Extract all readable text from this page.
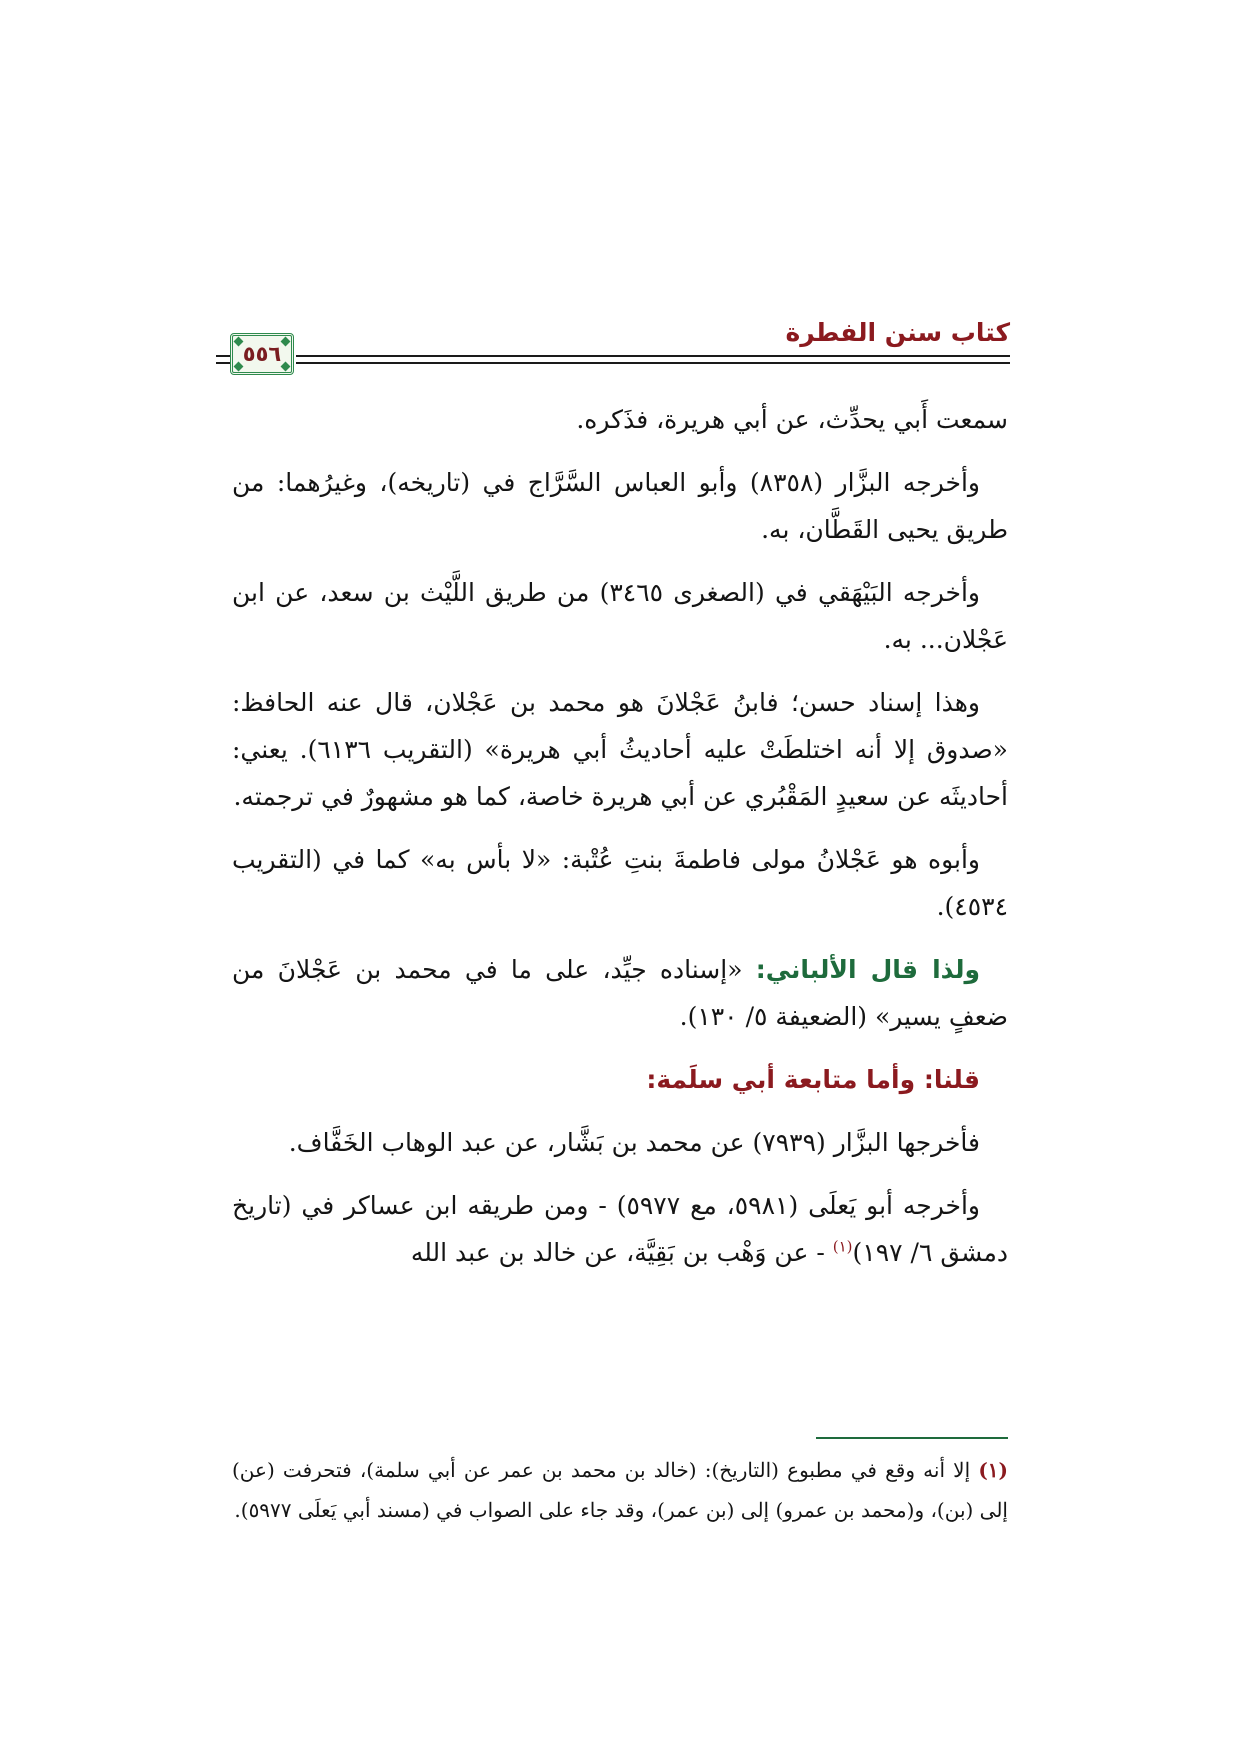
كتاب سنن الفطرة
٥٥٦

سمعت أَبي يحدِّث، عن أبي هريرة، فذَكره.

وأخرجه البزَّار (٨٣٥٨) وأبو العباس السَّرَّاج في (تاريخه)، وغيرُهما: من طريق يحيى القَطَّان، به.

وأخرجه البَيْهَقي في (الصغرى ٣٤٦٥) من طريق اللَّيْث بن سعد، عن ابن عَجْلان... به.

وهذا إسناد حسن؛ فابنُ عَجْلانَ هو محمد بن عَجْلان، قال عنه الحافظ: «صدوق إلا أنه اختلطَتْ عليه أحاديثُ أبي هريرة» (التقريب ٦١٣٦). يعني: أحاديثَه عن سعيدٍ المَقْبُري عن أبي هريرة خاصة، كما هو مشهورٌ في ترجمته.

وأبوه هو عَجْلانُ مولى فاطمةَ بنتِ عُتْبة: «لا بأس به» كما في (التقريب ٤٥٣٤).

ولذا قال الألباني: «إسناده جيِّد، على ما في محمد بن عَجْلانَ من ضعفٍ يسير» (الضعيفة ٥/ ١٣٠).

قلنا: وأما متابعة أبي سلَمة:

فأخرجها البزَّار (٧٩٣٩) عن محمد بن بَشَّار، عن عبد الوهاب الخَفَّاف.

وأخرجه أبو يَعلَى (٥٩٨١، مع ٥٩٧٧) - ومن طريقه ابن عساكر في (تاريخ دمشق ٦/ ١٩٧)$^{(١)}$ - عن وَهْب بن بَقِيَّة، عن خالد بن عبد الله

(١) إلا أنه وقع في مطبوع (التاريخ): (خالد بن محمد بن عمر عن أبي سلمة)، فتحرفت (عن) إلى (بن)، و(محمد بن عمرو) إلى (بن عمر)، وقد جاء على الصواب في (مسند أبي يَعلَى ٥٩٧٧).
